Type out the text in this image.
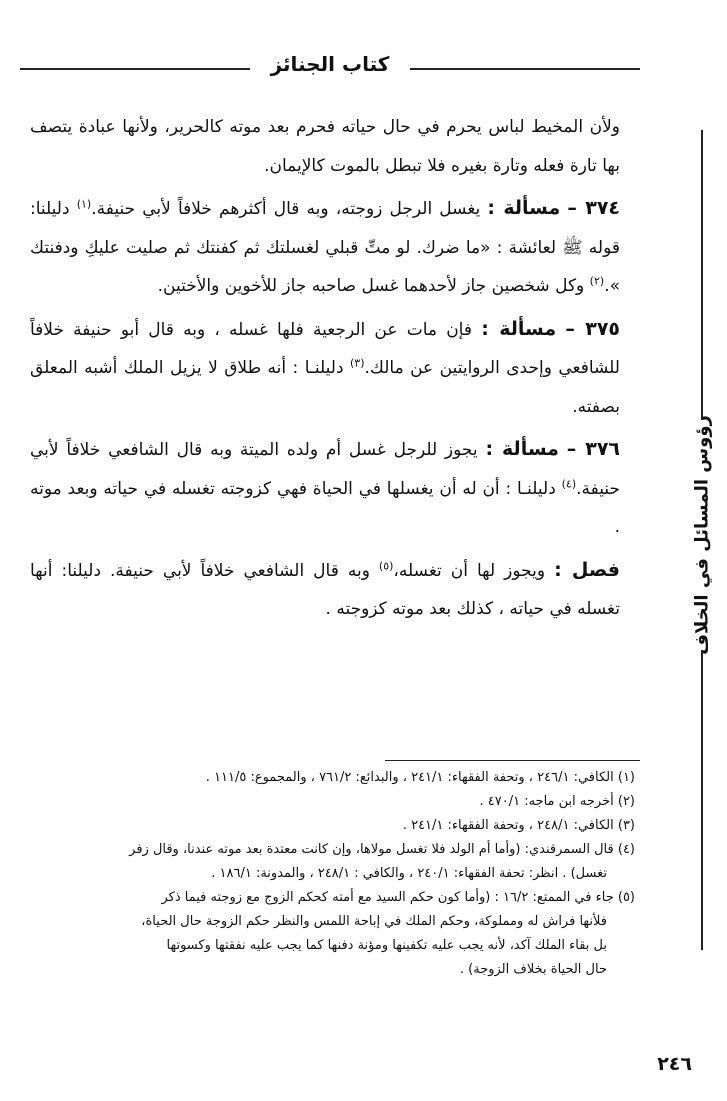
كتاب الجنائز
رؤوس المسائل في الخلاف

ولأن المخيط لباس يحرم في حال حياته فحرم بعد موته كالحرير، ولأنها عبادة يتصف بها تارة فعله وتارة بغيره فلا تبطل بالموت كالإيمان.

٣٧٤ – مسألة : يغسل الرجل زوجته، وبه قال أكثرهم خلافاً لأبي حنيفة.$^{(١)}$ دليلنا: قوله ﷺ لعائشة : «ما ضرك. لو متِّ قبلي لغسلتك ثم كفنتك ثم صليت عليكِ ودفنتك ».$^{(٢)}$ وكل شخصين جاز لأحدهما غسل صاحبه جاز للأخوين والأختين.

٣٧٥ – مسألة : فإن مات عن الرجعية فلها غسله ، وبه قال أبو حنيفة خلافاً للشافعي وإحدى الروايتين عن مالك.$^{(٣)}$ دليلنـا : أنه طلاق لا يزيل الملك أشبه المعلق بصفته.

٣٧٦ – مسألة : يجوز للرجل غسل أم ولده الميتة وبه قال الشافعي خلافاً لأبي حنيفة.$^{(٤)}$ دليلنـا : أن له أن يغسلها في الحياة فهي كزوجته تغسله في حياته وبعد موته .

فصل : ويجوز لها أن تغسله،$^{(٥)}$ وبه قال الشافعي خلافاً لأبي حنيفة. دليلنا: أنها تغسله في حياته ، كذلك بعد موته كزوجته .

(١) الكافي: ٢٤٦/١ ، وتحفة الفقهاء: ٢٤١/١ ، والبدائع: ٧٦١/٢ ، والمجموع: ١١١/٥ .

(٢) أخرجه ابن ماجه: ٤٧٠/١ .

(٣) الكافي: ٢٤٨/١ ، وتحفة الفقهاء: ٢٤١/١ .

(٤) قال السمرقندي: (وأما أم الولد فلا تغسل مولاها، وإن كانت معتدة بعد موته عندنا، وقال زفر

تغسل) . انظر: تحفة الفقهاء: ٢٤٠/١ ، والكافي : ٢٤٨/١ ، والمدونة: ١٨٦/١ .

(٥) جاء في الممتع: ١٦/٢ : (وأما كون حكم السيد مع أمته كحكم الزوج مع زوجته فيما ذكر

فلأنها فراش له ومملوكة، وحكم الملك في إباحة اللمس والنظر حكم الزوجة حال الحياة،

بل بقاء الملك آكد، لأنه يجب عليه تكفينها ومؤنة دفنها كما يجب عليه نفقتها وكسوتها

حال الحياة بخلاف الزوجة) .

٢٤٦
